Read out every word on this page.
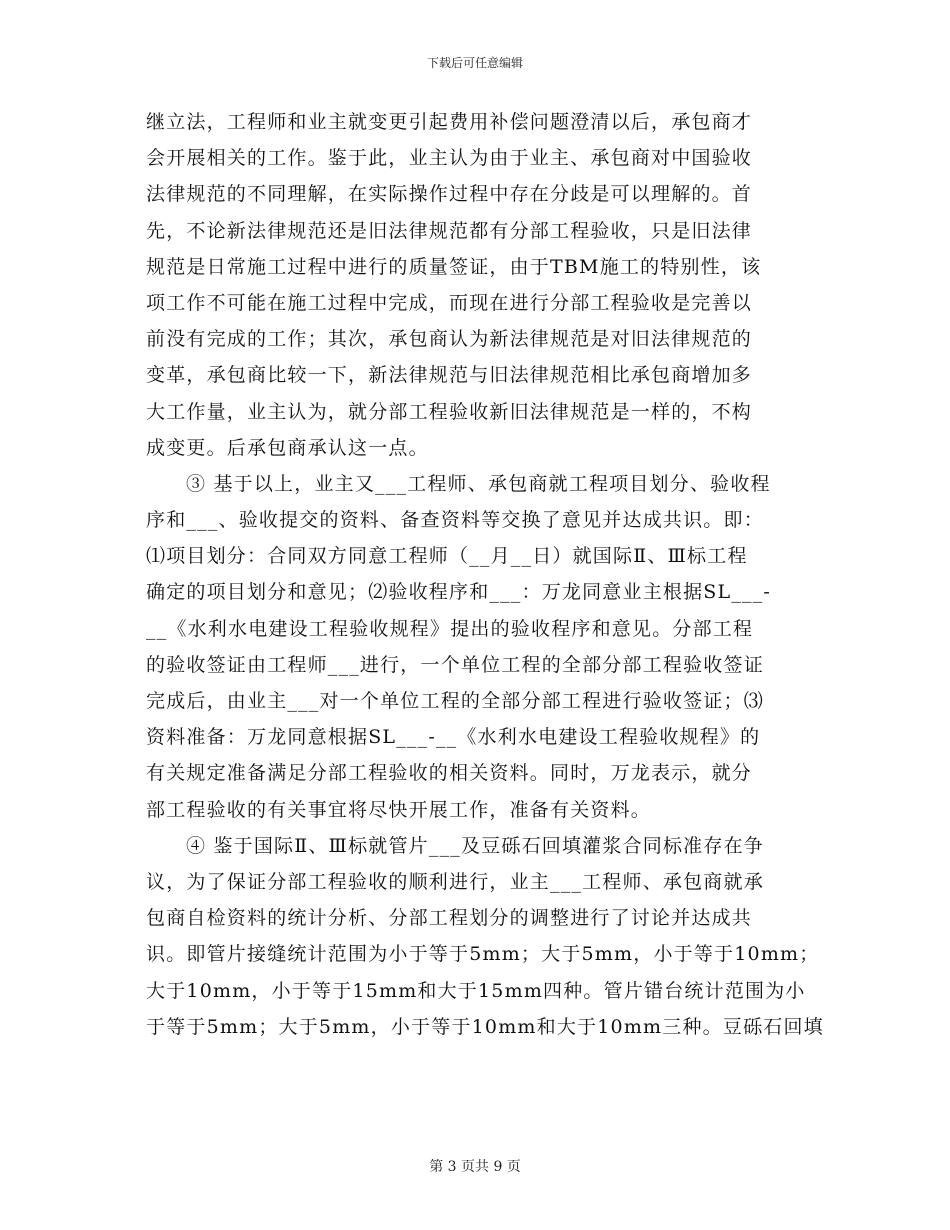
下载后可任意编辑
继立法，工程师和业主就变更引起费用补偿问题澄清以后，承包商才
会开展相关的工作。鉴于此，业主认为由于业主、承包商对中国验收
法律规范的不同理解，在实际操作过程中存在分歧是可以理解的。首
先，不论新法律规范还是旧法律规范都有分部工程验收，只是旧法律
规范是日常施工过程中进行的质量签证，由于TBM施工的特别性，该
项工作不可能在施工过程中完成，而现在进行分部工程验收是完善以
前没有完成的工作；其次，承包商认为新法律规范是对旧法律规范的
变革，承包商比较一下，新法律规范与旧法律规范相比承包商增加多
大工作量，业主认为，就分部工程验收新旧法律规范是一样的，不构
成变更。后承包商承认这一点。
③ 基于以上，业主又___工程师、承包商就工程项目划分、验收程
序和___、验收提交的资料、备查资料等交换了意见并达成共识。即：
⑴项目划分：合同双方同意工程师（__月__日）就国际Ⅱ、Ⅲ标工程
确定的项目划分和意见；⑵验收程序和___：万龙同意业主根据SL___-
__《水利水电建设工程验收规程》提出的验收程序和意见。分部工程
的验收签证由工程师___进行，一个单位工程的全部分部工程验收签证
完成后，由业主___对一个单位工程的全部分部工程进行验收签证；⑶
资料准备：万龙同意根据SL___-__《水利水电建设工程验收规程》的
有关规定准备满足分部工程验收的相关资料。同时，万龙表示，就分
部工程验收的有关事宜将尽快开展工作，准备有关资料。
④ 鉴于国际Ⅱ、Ⅲ标就管片___及豆砾石回填灌浆合同标准存在争
议，为了保证分部工程验收的顺利进行，业主___工程师、承包商就承
包商自检资料的统计分析、分部工程划分的调整进行了讨论并达成共
识。即管片接缝统计范围为小于等于5mm；大于5mm，小于等于10mm；
大于10mm，小于等于15mm和大于15mm四种。管片错台统计范围为小
于等于5mm；大于5mm，小于等于10mm和大于10mm三种。豆砾石回填
第 3 页共 9 页
